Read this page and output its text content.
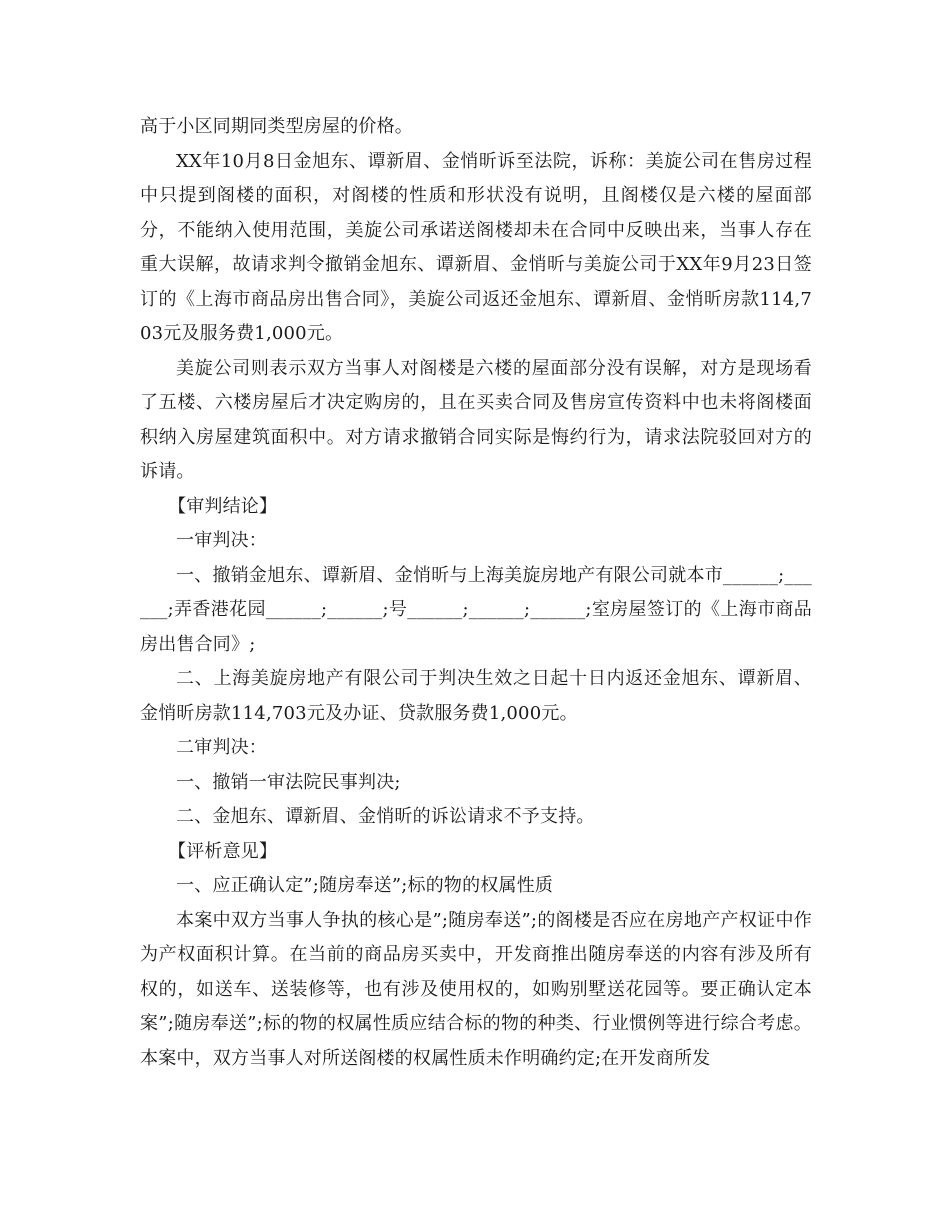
高于小区同期同类型房屋的价格。

XX年10月8日金旭东、谭新眉、金悄昕诉至法院，诉称：美旋公司在售房过程中只提到阁楼的面积，对阁楼的性质和形状没有说明，且阁楼仅是六楼的屋面部分，不能纳入使用范围，美旋公司承诺送阁楼却未在合同中反映出来，当事人存在重大误解，故请求判令撤销金旭东、谭新眉、金悄昕与美旋公司于XX年9月23日签订的《上海市商品房出售合同》，美旋公司返还金旭东、谭新眉、金悄昕房款114,703元及服务费1,000元。

美旋公司则表示双方当事人对阁楼是六楼的屋面部分没有误解，对方是现场看了五楼、六楼房屋后才决定购房的，且在买卖合同及售房宣传资料中也未将阁楼面积纳入房屋建筑面积中。对方请求撤销合同实际是悔约行为，请求法院驳回对方的诉请。

【审判结论】

一审判决：

一、撤销金旭东、谭新眉、金悄昕与上海美旋房地产有限公司就本市______;______;弄香港花园______;______;号______;______;______;室房屋签订的《上海市商品房出售合同》;

二、上海美旋房地产有限公司于判决生效之日起十日内返还金旭东、谭新眉、金悄昕房款114,703元及办证、贷款服务费1,000元。

二审判决：

一、撤销一审法院民事判决;

二、金旭东、谭新眉、金悄昕的诉讼请求不予支持。

【评析意见】

一、应正确认定”;随房奉送”;标的物的权属性质

本案中双方当事人争执的核心是”;随房奉送”;的阁楼是否应在房地产产权证中作为产权面积计算。在当前的商品房买卖中，开发商推出随房奉送的内容有涉及所有权的，如送车、送装修等，也有涉及使用权的，如购别墅送花园等。要正确认定本案”;随房奉送”;标的物的权属性质应结合标的物的种类、行业惯例等进行综合考虑。本案中，双方当事人对所送阁楼的权属性质未作明确约定;在开发商所发
